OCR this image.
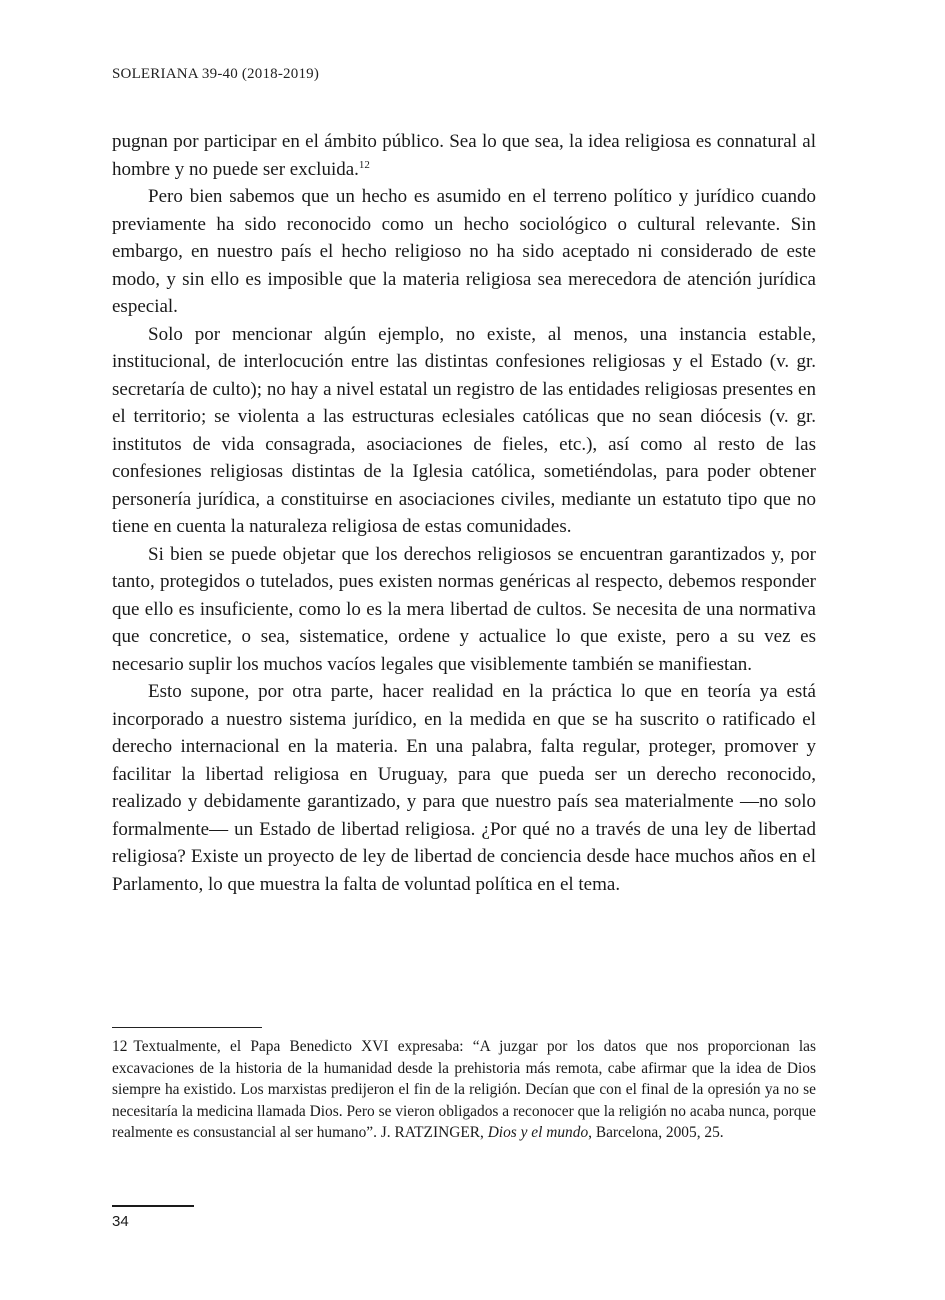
SOLERIANA 39-40 (2018-2019)

pugnan por participar en el ámbito público. Sea lo que sea, la idea religiosa es connatural al hombre y no puede ser excluida.$^{12}$

Pero bien sabemos que un hecho es asumido en el terreno político y jurídico cuando previamente ha sido reconocido como un hecho sociológico o cultural relevante. Sin embargo, en nuestro país el hecho religioso no ha sido aceptado ni considerado de este modo, y sin ello es imposible que la materia religiosa sea merecedora de atención jurídica especial.

Solo por mencionar algún ejemplo, no existe, al menos, una instancia estable, institucional, de interlocución entre las distintas confesiones religiosas y el Estado (v. gr. secretaría de culto); no hay a nivel estatal un registro de las entidades religiosas presentes en el territorio; se violenta a las estructuras eclesiales católicas que no sean diócesis (v. gr. institutos de vida consagrada, asociaciones de fieles, etc.), así como al resto de las confesiones religiosas distintas de la Iglesia católica, sometiéndolas, para poder obtener personería jurídica, a constituirse en asociaciones civiles, mediante un estatuto tipo que no tiene en cuenta la naturaleza religiosa de estas comunidades.

Si bien se puede objetar que los derechos religiosos se encuentran garantizados y, por tanto, protegidos o tutelados, pues existen normas genéricas al respecto, debemos responder que ello es insuficiente, como lo es la mera libertad de cultos. Se necesita de una normativa que concretice, o sea, sistematice, ordene y actualice lo que existe, pero a su vez es necesario suplir los muchos vacíos legales que visiblemente también se manifiestan.

Esto supone, por otra parte, hacer realidad en la práctica lo que en teoría ya está incorporado a nuestro sistema jurídico, en la medida en que se ha suscrito o ratificado el derecho internacional en la materia. En una palabra, falta regular, proteger, promover y facilitar la libertad religiosa en Uruguay, para que pueda ser un derecho reconocido, realizado y debidamente garantizado, y para que nuestro país sea materialmente —no solo formalmente— un Estado de libertad religiosa. ¿Por qué no a través de una ley de libertad religiosa? Existe un proyecto de ley de libertad de conciencia desde hace muchos años en el Parlamento, lo que muestra la falta de voluntad política en el tema.

12 Textualmente, el Papa Benedicto XVI expresaba: “A juzgar por los datos que nos proporcionan las excavaciones de la historia de la humanidad desde la prehistoria más remota, cabe afirmar que la idea de Dios siempre ha existido. Los marxistas predijeron el fin de la religión. Decían que con el final de la opresión ya no se necesitaría la medicina llamada Dios. Pero se vieron obligados a reconocer que la religión no acaba nunca, porque realmente es consustancial al ser humano”. J. RATZINGER, Dios y el mundo, Barcelona, 2005, 25.
34
